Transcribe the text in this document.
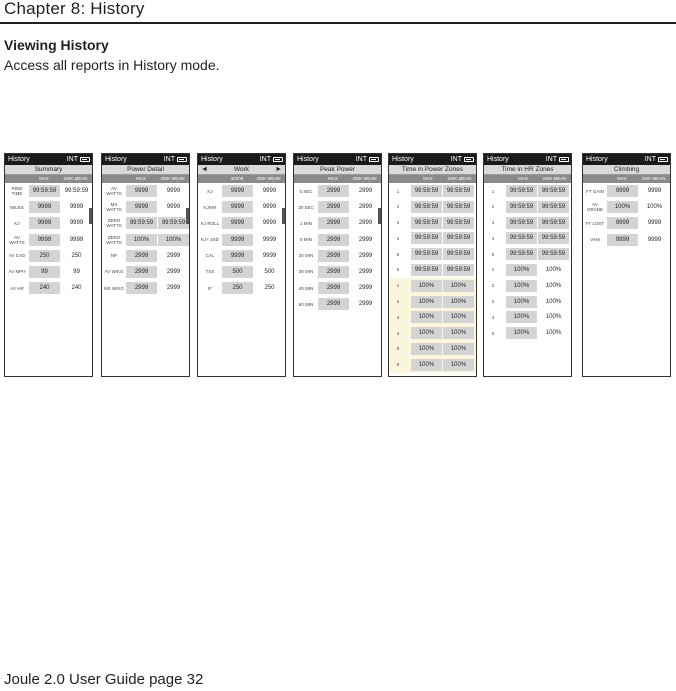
Chapter 8: History
Viewing History
Access all reports in History mode.
History	INT
Summary
MAX	2WK MEAN
RIDE TIME	99:59:59	99:59:59
MILES	9999	9999
KJ	9999	9999
AV WATTS	9999	9999
AV CAD	250	250
AV MPH	99	99
AV HR	240	240
History	INT
Power Detail
MAX	2WK MEAN
AV WATTS	9999	9999
MX WATTS	9999	9999
ZERO WATTS	99:59:59	99:59:59
ZERO WATTS	100%	100%
NP	2999	2999
AV W/KG	2999	2999
MX W/KG	2999	2999
History	INT
◄	Work	►
3/2/09	2WK MEAN
KJ	9999	9999
KJ/HR	9999	9999
KJ ROLL	9999	9999
KJ+ 2SD	9999	9999
CAL	9999	9999
TSS	500	500
IF	250	250
History	INT
Peak Power
MAX	2WK MEAN
5 SEC	2999	2999
30 SEC	2999	2999
1 MIN	2999	2999
5 MIN	2999	2999
20 MIN	2999	2999
30 MIN	2999	2999
40 MIN	2999	2999
60 MIN	2999	2999
History	INT
Time in Power Zones
MAX	2WK MEAN
1	99:59:59	99:59:59
2	99:59:59	99:59:59
3	99:59:59	99:59:59
4	99:59:59	99:59:59
5	99:59:59	99:59:59
6	99:59:59	99:59:59
1	100%	100%
2	100%	100%
3	100%	100%
4	100%	100%
5	100%	100%
6	100%	100%
History	INT
Time in HR Zones
MAX	2WK MEAN
1	99:59:59	99:59:59
2	99:59:59	99:59:59
3	99:59:59	99:59:59
4	99:59:59	99:59:59
5	99:59:59	99:59:59
1	100%	100%
2	100%	100%
3	100%	100%
4	100%	100%
5	100%	100%
History	INT
Climbing
MAX	2WK MEAN
FT GAIN	9999	9999
AV GRADE	100%	100%
FT LOST	9999	9999
VAM	9999	9999
Joule 2.0 User Guide page 32
